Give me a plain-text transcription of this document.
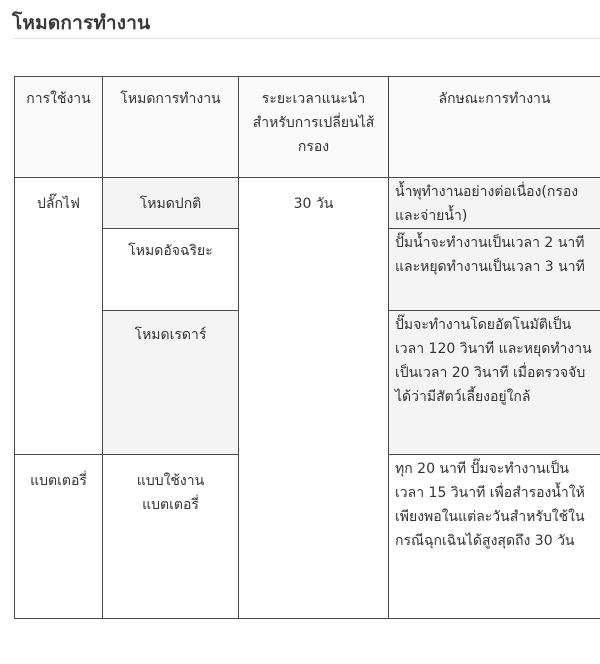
โหมดการทำงาน
การใช้งาน	โหมดการทำงาน	ระยะเวลาแนะนำสำหรับการเปลี่ยนไส้กรอง	ลักษณะการทำงาน
ปลั๊กไฟ	โหมดปกติ	30 วัน	น้ำพุทำงานอย่างต่อเนื่อง(กรองและจ่ายน้ำ)
	โหมดอัจฉริยะ		ปั๊มน้ำจะทำงานเป็นเวลา 2 นาที และหยุดทำงานเป็นเวลา 3 นาที
	โหมดเรดาร์		ปั๊มจะทำงานโดยอัตโนมัติเป็นเวลา 120 วินาที และหยุดทำงานเป็นเวลา 20 วินาที เมื่อตรวจจับได้ว่ามีสัตว์เลี้ยงอยู่ใกล้
แบตเตอรี่	แบบใช้งานแบตเตอรี่		ทุก 20 นาที ปั๊มจะทำงานเป็นเวลา 15 วินาที เพื่อสำรองน้ำให้เพียงพอในแต่ละวันสำหรับใช้ในกรณีฉุกเฉินได้สูงสุดถึง 30 วัน
